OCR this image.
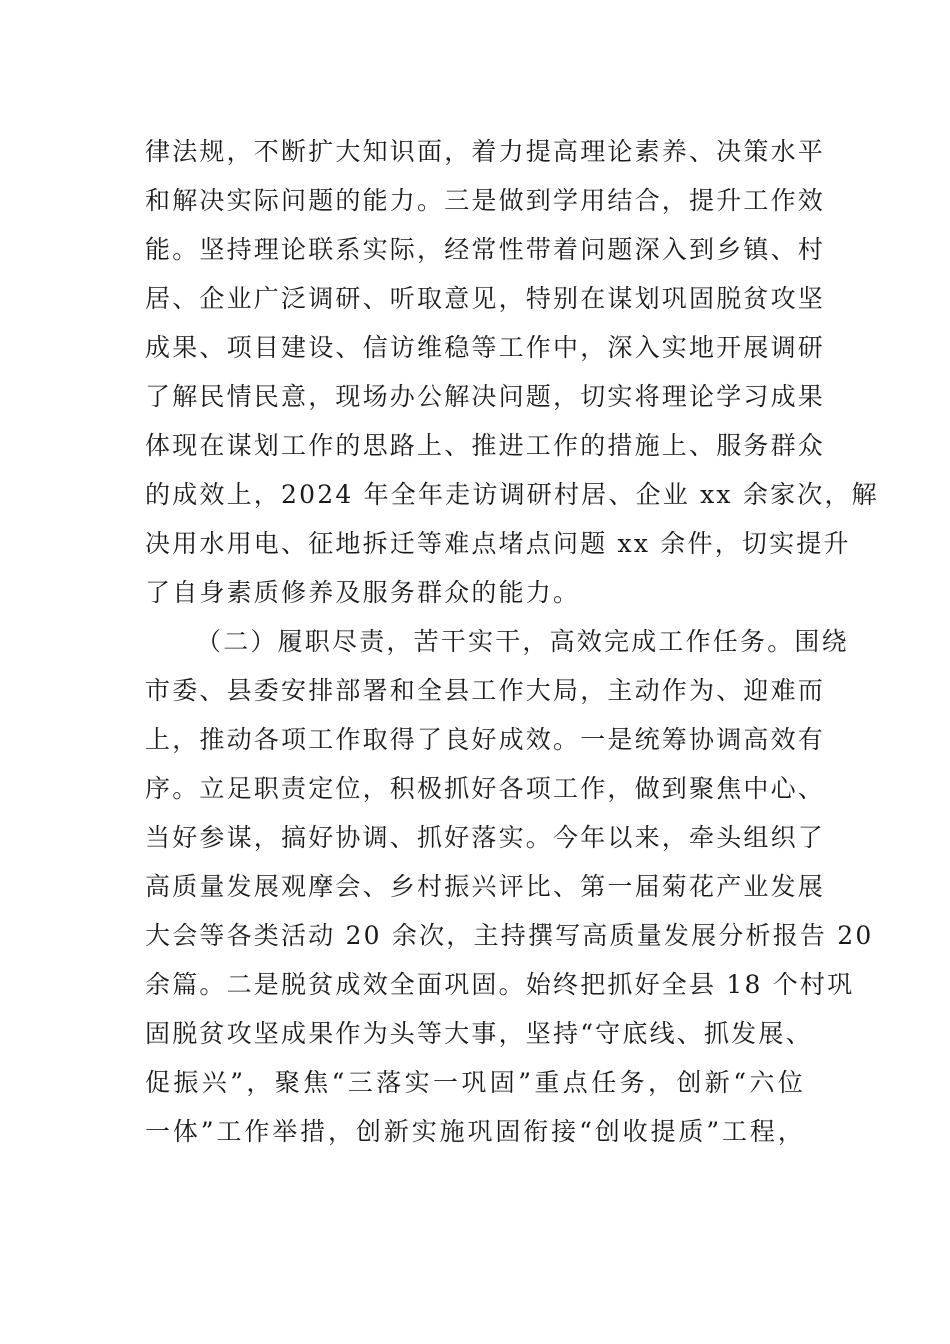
律法规，不断扩大知识面，着力提高理论素养、决策水平
和解决实际问题的能力。三是做到学用结合，提升工作效
能。坚持理论联系实际，经常性带着问题深入到乡镇、村
居、企业广泛调研、听取意见，特别在谋划巩固脱贫攻坚
成果、项目建设、信访维稳等工作中，深入实地开展调研
了解民情民意，现场办公解决问题，切实将理论学习成果
体现在谋划工作的思路上、推进工作的措施上、服务群众
的成效上，2024 年全年走访调研村居、企业 xx 余家次，解
决用水用电、征地拆迁等难点堵点问题 xx 余件，切实提升
了自身素质修养及服务群众的能力。
（二）履职尽责，苦干实干，高效完成工作任务。围绕
市委、县委安排部署和全县工作大局，主动作为、迎难而
上，推动各项工作取得了良好成效。一是统筹协调高效有
序。立足职责定位，积极抓好各项工作，做到聚焦中心、
当好参谋，搞好协调、抓好落实。今年以来，牵头组织了
高质量发展观摩会、乡村振兴评比、第一届菊花产业发展
大会等各类活动 20 余次，主持撰写高质量发展分析报告 20
余篇。二是脱贫成效全面巩固。始终把抓好全县 18 个村巩
固脱贫攻坚成果作为头等大事，坚持“守底线、抓发展、
促振兴”，聚焦“三落实一巩固”重点任务，创新“六位
一体”工作举措，创新实施巩固衔接“创收提质”工程，
